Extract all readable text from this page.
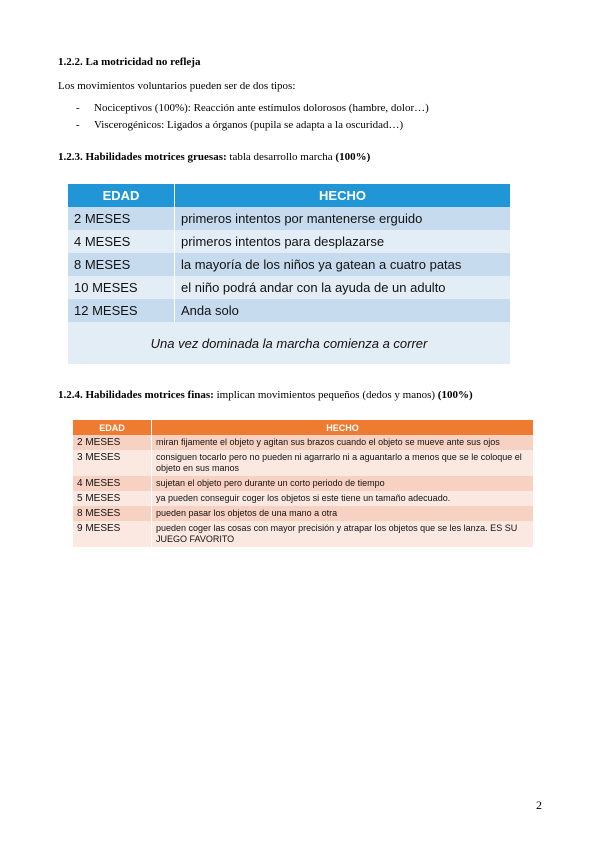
1.2.2. La motricidad no refleja
Los movimientos voluntarios pueden ser de dos tipos:
- Nociceptivos (100%): Reacción ante estímulos dolorosos (hambre, dolor…)
- Viscerogénicos: Ligados a órganos (pupila se adapta a la oscuridad…)
1.2.3. Habilidades motrices gruesas: tabla desarrollo marcha (100%)
EDAD	HECHO
2 MESES	primeros intentos por mantenerse erguido
4 MESES	primeros intentos para desplazarse
8 MESES	la mayoría de los niños ya gatean a cuatro patas
10 MESES	el niño podrá andar con la ayuda de un adulto
12 MESES	Anda solo
Una vez dominada la marcha comienza a correr	
1.2.4. Habilidades motrices finas: implican movimientos pequeños (dedos y manos) (100%)
EDAD	HECHO
2 MESES	miran fijamente el objeto y agitan sus brazos cuando el objeto se mueve ante sus ojos
3 MESES	consiguen tocarlo pero no pueden ni agarrarlo ni a aguantarlo a menos que se le coloque el objeto en sus manos
4 MESES	sujetan el objeto pero durante un corto periodo de tiempo
5 MESES	ya pueden conseguir coger los objetos si este tiene un tamaño adecuado.
8 MESES	pueden pasar los objetos de una mano a otra
9 MESES	pueden coger las cosas con mayor precisión y atrapar los objetos que se les lanza. ES SU JUEGO FAVORITO
2
